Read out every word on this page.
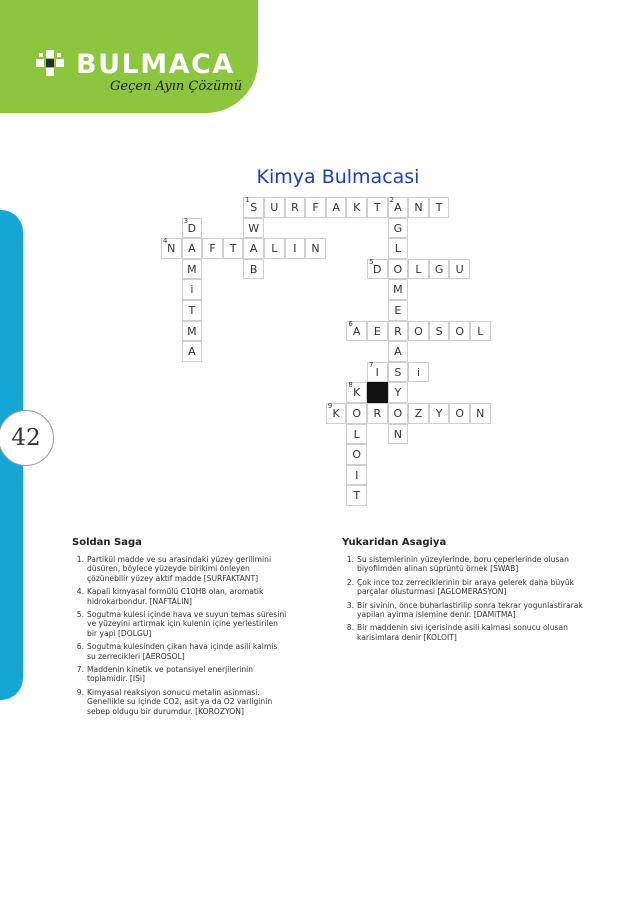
BULMACA
Geçen Ayın Çözümü
42
Kimya Bulmacasi
1
S	U	R	F	A	K	T
2
A	N	T
3
D	W	G
4
N	A	F	T	A	L	I	N	L
M	B
5
D	O	L	G	U
i	M
T	E
M
6
A	E	R	O	S	O	L
A	A
7
I	S	i
8
K	Y
9
K	O	R	O	Z	Y	O	N
L	N
O
I
T
Soldan Saga
1. Partikül madde ve su arasindaki yüzey gerilimini düsüren, böylece yüzeyde birikimi önleyen çözünebilir yüzey aktif madde [SURFAKTANT]
4. Kapali kimyasal formülü C10H8 olan, aromatik hidrokarbondur. [NAFTALIN]
5. Sogutma kulesi içinde hava ve suyun temas süresini ve yüzeyini artirmak için kulenin içine yerlestirilen bir yapi [DOLGU]
6. Sogutma kulesinden çikan hava içinde asili kalmis su zerrecikleri [AEROSOL]
7. Maddenin kinetik ve potansiyel enerjilerinin toplamidir. [ISi]
9. Kimyasal reaksiyon sonucu metalin asinmasi. Genellikle su içinde CO2, asit ya da O2 varliginin sebep oldugu bir durumdur. [KOROZYON]
Yukaridan Asagiya
1. Su sistemlerinin yüzeylerinde, boru çeperlerinde olusan biyofilmden alinan süprüntü örnek [SWAB]
2. Çok ince toz zerreciklerinin bir araya gelerek daha büyük parçalar olusturmasi [AGLOMERASYON]
3. Bir sivinin, önce buharlastirilip sonra tekrar yogunlastirarak yapilan ayirma islemine denir. [DAMiTMA]
8. Bir maddenin sivi içerisinde asili kalmasi sonucu olusan karisimlara denir [KOLOIT]
